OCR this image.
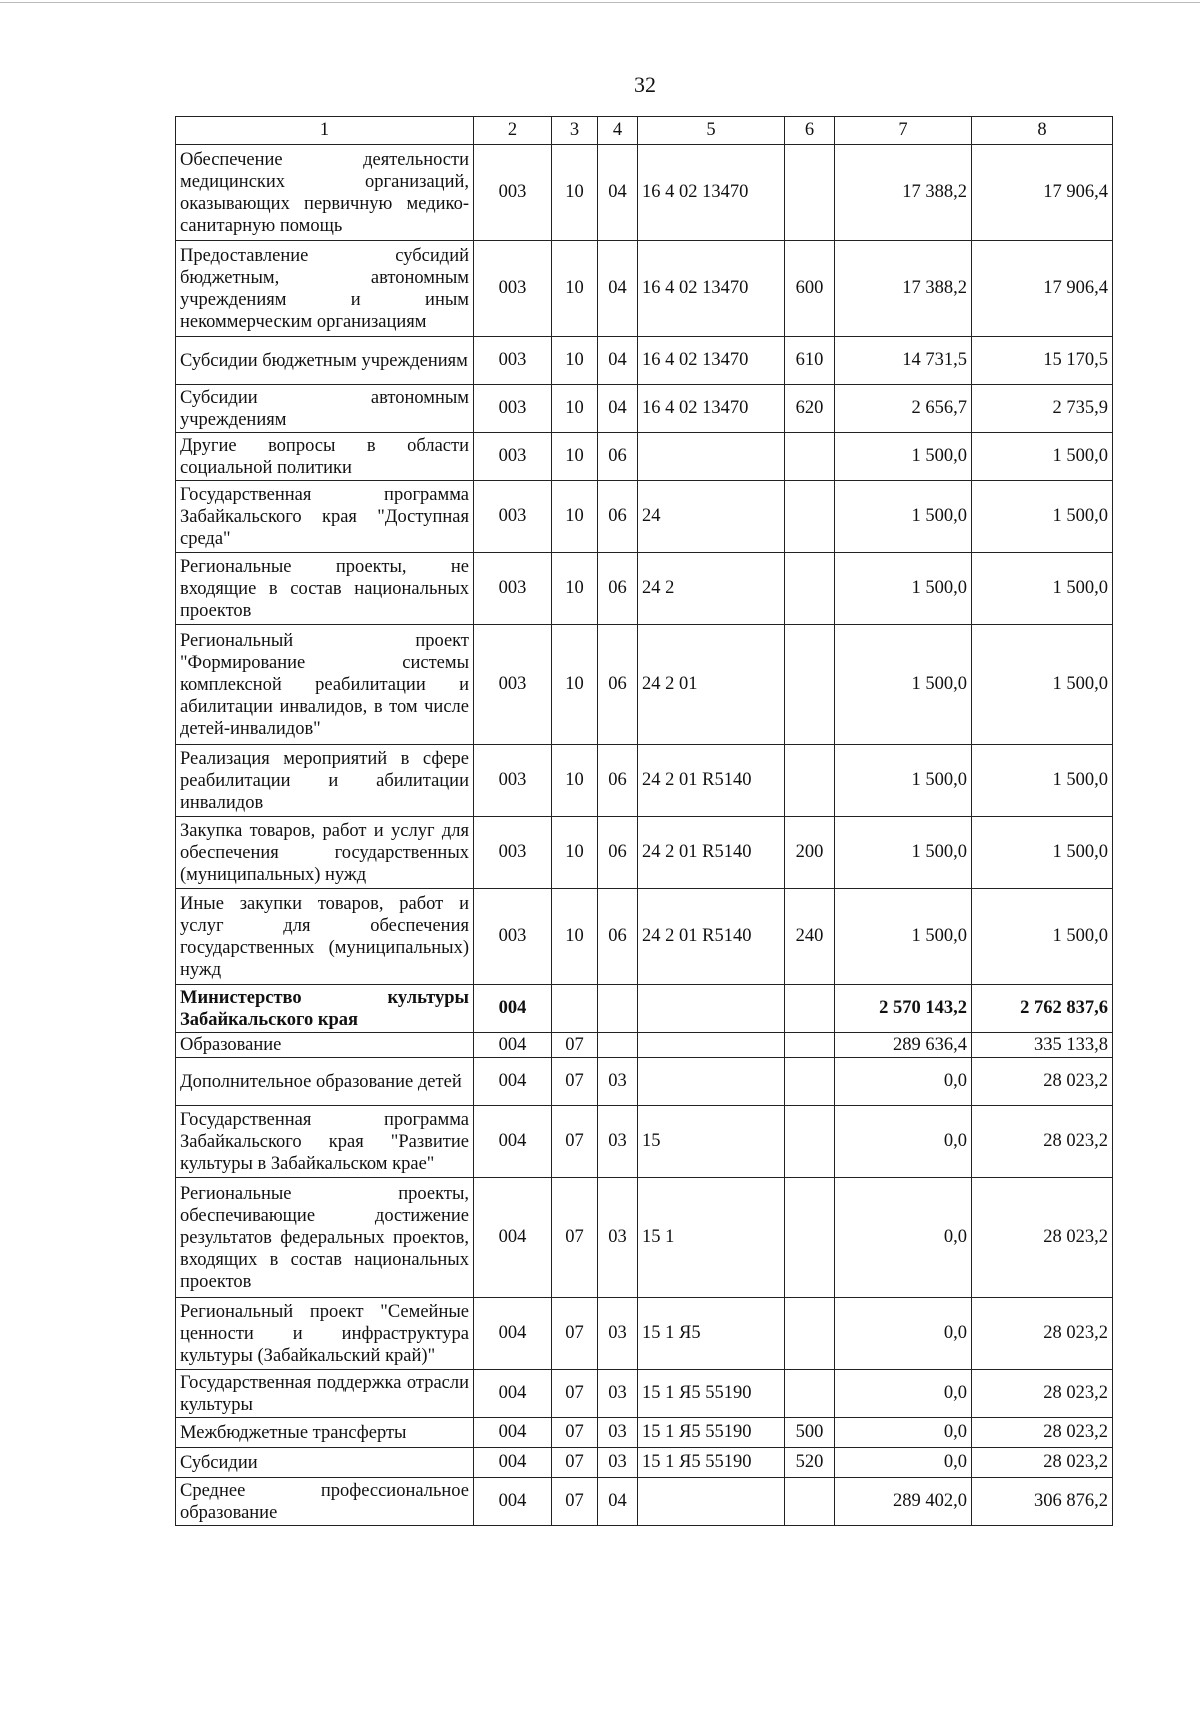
32
1	2	3	4	5	6	7	8
Обеспечение деятельности медицинских организаций, оказывающих первичную медико-санитарную помощь	003	10	04	16 4 02 13470		17 388,2	17 906,4
Предоставление субсидий бюджетным, автономным учреждениям и иным некоммерческим организациям	003	10	04	16 4 02 13470	600	17 388,2	17 906,4
Субсидии бюджетным учреждениям	003	10	04	16 4 02 13470	610	14 731,5	15 170,5
Субсидии автономным учреждениям	003	10	04	16 4 02 13470	620	2 656,7	2 735,9
Другие вопросы в области социальной политики	003	10	06			1 500,0	1 500,0
Государственная программа Забайкальского края "Доступная среда"	003	10	06	24		1 500,0	1 500,0
Региональные проекты, не входящие в состав национальных проектов	003	10	06	24 2		1 500,0	1 500,0
Региональный проект "Формирование системы комплексной реабилитации и абилитации инвалидов, в том числе детей-инвалидов"	003	10	06	24 2 01		1 500,0	1 500,0
Реализация мероприятий в сфере реабилитации и абилитации инвалидов	003	10	06	24 2 01 R5140		1 500,0	1 500,0
Закупка товаров, работ и услуг для обеспечения государственных (муниципальных) нужд	003	10	06	24 2 01 R5140	200	1 500,0	1 500,0
Иные закупки товаров, работ и услуг для обеспечения государственных (муниципальных) нужд	003	10	06	24 2 01 R5140	240	1 500,0	1 500,0
Министерство культуры Забайкальского края	004					2 570 143,2	2 762 837,6
Образование	004	07				289 636,4	335 133,8
Дополнительное образование детей	004	07	03			0,0	28 023,2
Государственная программа Забайкальского края "Развитие культуры в Забайкальском крае"	004	07	03	15		0,0	28 023,2
Региональные проекты, обеспечивающие достижение результатов федеральных проектов, входящих в состав национальных проектов	004	07	03	15 1		0,0	28 023,2
Региональный проект "Семейные ценности и инфраструктура культуры (Забайкальский край)"	004	07	03	15 1 Я5		0,0	28 023,2
Государственная поддержка отрасли культуры	004	07	03	15 1 Я5 55190		0,0	28 023,2
Межбюджетные трансферты	004	07	03	15 1 Я5 55190	500	0,0	28 023,2
Субсидии	004	07	03	15 1 Я5 55190	520	0,0	28 023,2
Среднее профессиональное образование	004	07	04			289 402,0	306 876,2
